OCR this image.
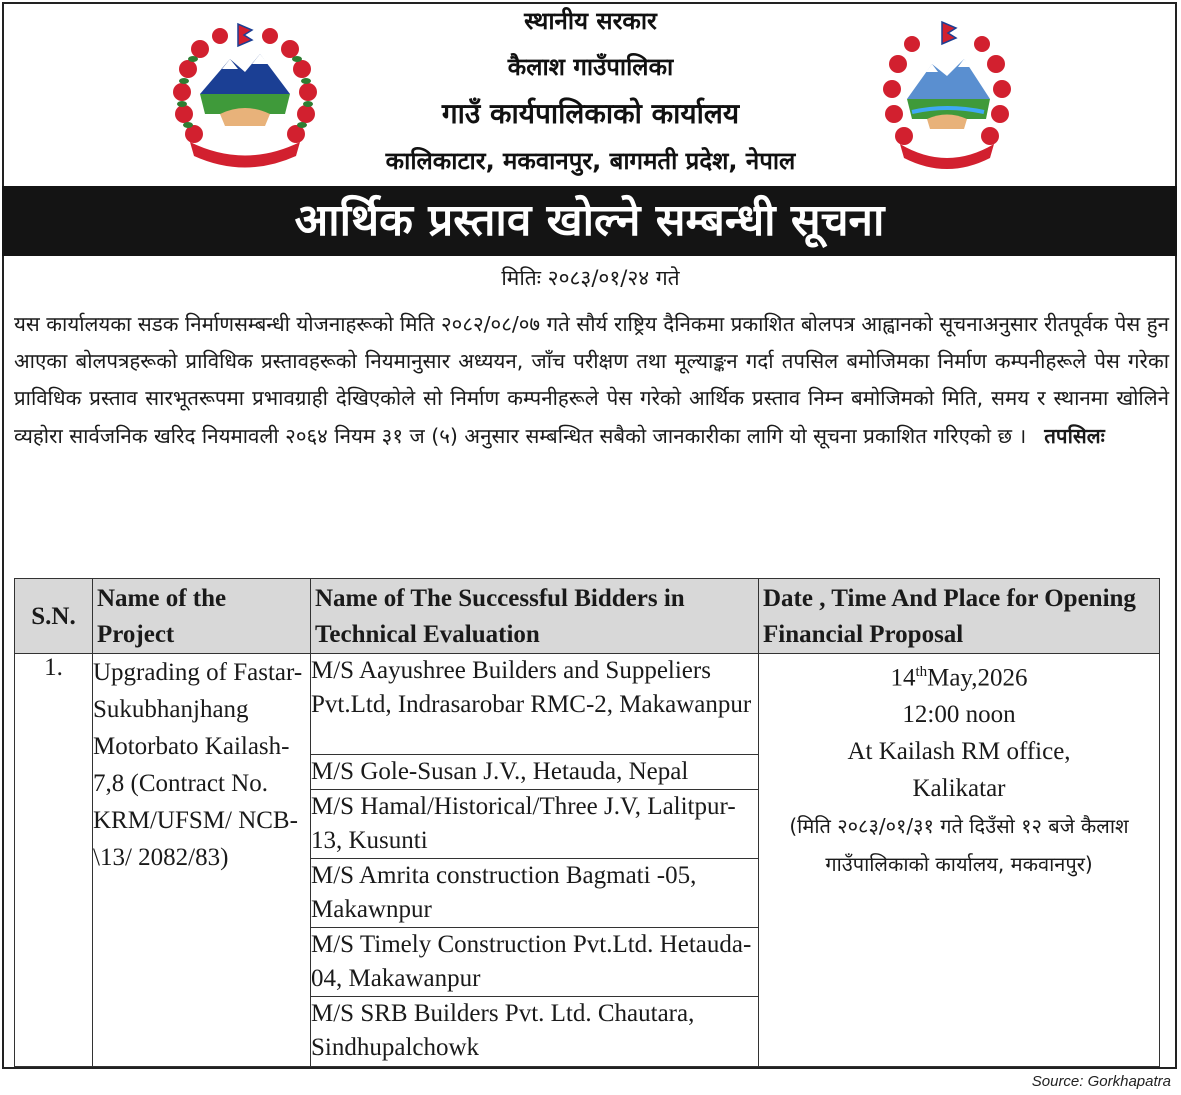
स्थानीय सरकार
कैलाश गाउँपालिका
गाउँ कार्यपालिकाको कार्यालय
कालिकाटार, मकवानपुर, बागमती प्रदेश, नेपाल
आर्थिक प्रस्ताव खोल्ने सम्बन्धी सूचना
मितिः २०८३/०१/२४ गते
यस कार्यालयका सडक निर्माणसम्बन्धी योजनाहरूको मिति २०८२/०८/०७ गते सौर्य राष्ट्रिय दैनिकमा प्रकाशित बोलपत्र आह्वानको सूचनाअनुसार रीतपूर्वक पेस हुन आएका बोलपत्रहरूको प्राविधिक प्रस्तावहरूको नियमानुसार अध्ययन, जाँच परीक्षण तथा मूल्याङ्कन गर्दा तपसिल बमोजिमका निर्माण कम्पनीहरूले पेस गरेका प्राविधिक प्रस्ताव सारभूतरूपमा प्रभावग्राही देखिएकोले सो निर्माण कम्पनीहरूले पेस गरेको आर्थिक प्रस्ताव निम्न बमोजिमको मिति, समय र स्थानमा खोलिने व्यहोरा सार्वजनिक खरिद नियमावली २०६४ नियम ३१ ज (५) अनुसार सम्बन्धित सबैको जानकारीका लागि यो सूचना प्रकाशित गरिएको छ । तपसिलः
S.N.	Name of the Project	Name of The Successful Bidders in Technical Evaluation	Date , Time And Place for Opening Financial Proposal
1.	Upgrading of Fastar-Sukubhanjhang Motorbato Kailash-7,8 (Contract No. KRM/UFSM/ NCB-\13/ 2082/83)	M/S Aayushree Builders and Suppeliers Pvt.Ltd, Indrasarobar RMC-2, Makawanpur	14thMay,2026
12:00 noon
At Kailash RM office,
Kalikatar
(मिति २०८३/०१/३१ गते दिउँसो १२ बजे कैलाश गाउँपालिकाको कार्यालय, मकवानपुर)

		M/S Gole-Susan J.V., Hetauda, Nepal	
		M/S Hamal/Historical/Three J.V, Lalitpur-13, Kusunti	
		M/S Amrita construction Bagmati -05, Makawnpur	
		M/S Timely Construction Pvt.Ltd. Hetauda-04, Makawanpur	
		M/S SRB Builders Pvt. Ltd. Chautara, Sindhupalchowk	
Source: Gorkhapatra
